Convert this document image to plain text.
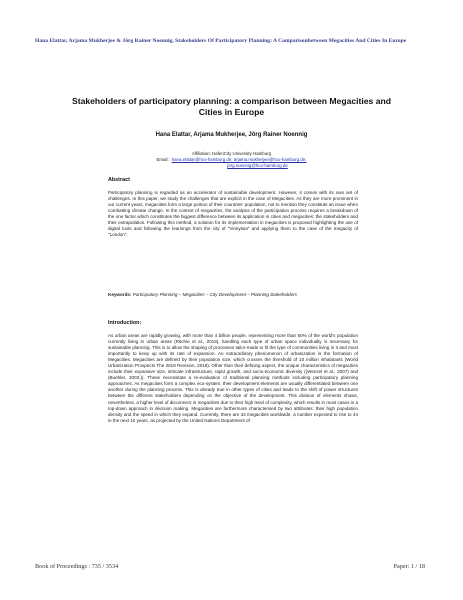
Hana Elattar, Arjama Mukherjee & Jörg Rainer Noennig, Stakeholders Of Participatory Planning: A Comparisonbetween Megacities And Cities In Europe
Stakeholders of participatory planning: a comparison between Megacities and Cities in Europe
Hana Elattar, Arjama Mukherjee, Jörg Rainer Noennig
Affiliation: HafenCity University Hamburg
Email: hana.elattar@hcu-hamburg.de; arjama.mukherjee@hcu-hamburg.de;
jörg.noennig@hcu-hamburg.de
Abstract
Participatory planning is regarded as an accelerator of sustainable development. However, it comes with its own set of challenges. In this paper, we study the challenges that are explicit in the case of Megacities. As they are more prominent in our current years, megacities form a large portion of their countries' population, not to mention they constitute an issue when combatting climate change. In the context of megacities, the analysis of the participation process requires a breakdown of the one factor which constitutes the biggest difference between its application in cities and megacities: the stakeholders and their extrapolation. Following this method, a solution for its implementation in megacities is proposed highlighting the use of digital tools and following the learnings from the city of "Vinnytsia" and applying them to the case of the megacity of "London".
Keywords: Participatory Planning – Megacities – City Development – Planning Stakeholders
Introduction:
As urban areas are rapidly growing, with more than 4 billion people, representing more than 50% of the world's population currently living in urban areas (Ritchie et al., 2018), handling each type of urban space individually is necessary for sustainable planning. This is to allow the shaping of processes tailor-made to fit the type of communities living in it and most importantly to keep up with its rate of expansion. An extraordinary phenomenon of urbanization is the formation of Megacities. Megacities are defined by their population size, which crosses the threshold of 10 million inhabitants (World Urbanization Prospects The 2018 Revision, 2018). Other than their defining aspect, the unique characteristics of megacities include their expansive size, intricate infrastructure, rapid growth, and socio-economic diversity ((Wenzel et al., 2007) and (Buehler, 2003.)). These necessitate a re-evaluation of traditional planning methods including participatory planning approaches. As megacities form a complex eco-system, their development elements are usually differentiated between one another during the planning process. This is already true in other types of cities and leads to the shift of power structures between the different stakeholders depending on the objective of the development. This division of elements shows, nevertheless, a higher level of disconnect in megacities due to their high level of complexity, which results in most cases in a top-down approach in decision making. Megacities are furthermore characterised by two attributes: their high population density and the speed in which they expand. Currently, there are 33 megacities worldwide, a number expected to rise to 44 in the next 10 years, as projected by the United Nations Department of
Book of Proceedings : 735 / 3534	Paper: 1 / 18
